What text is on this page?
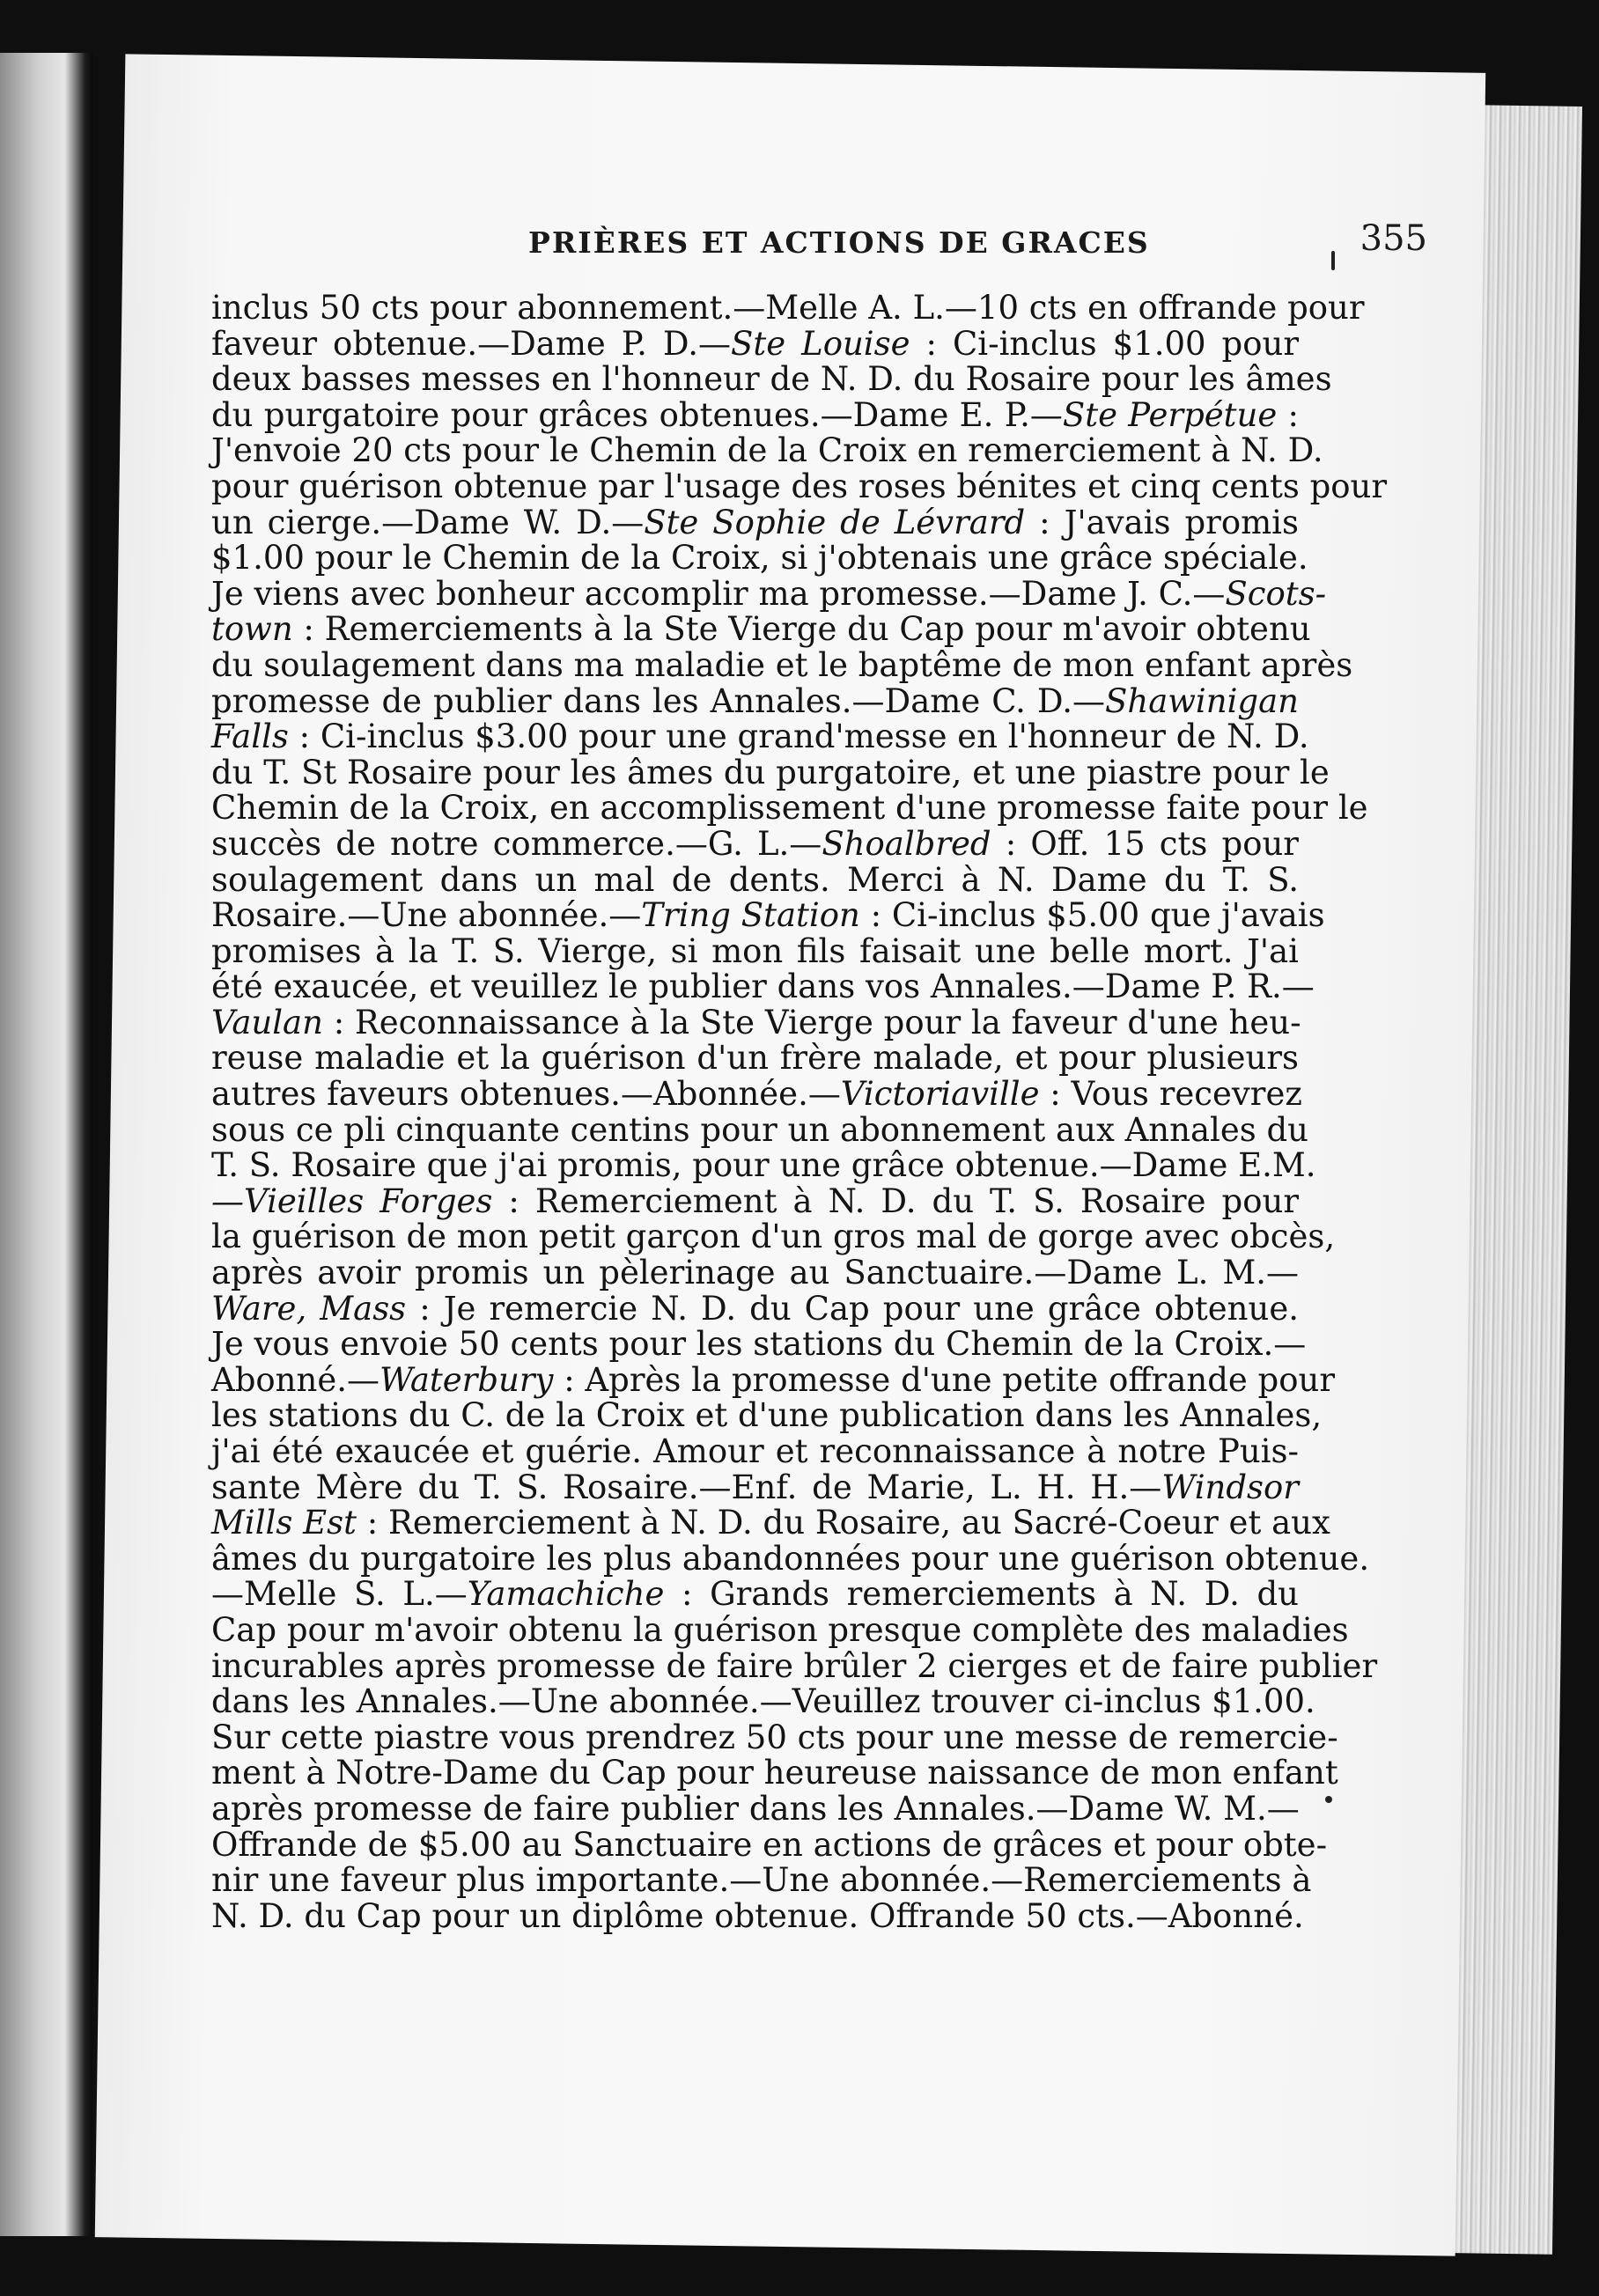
PRIÈRES ET ACTIONS DE GRACES	355
inclus 50 cts pour abonnement.—Melle A. L.—10 cts en offrande pour
faveur obtenue.—Dame P. D.—Ste Louise : Ci-inclus $1.00 pour
deux basses messes en l'honneur de N. D. du Rosaire pour les âmes
du purgatoire pour grâces obtenues.—Dame E. P.—Ste Perpétue :
J'envoie 20 cts pour le Chemin de la Croix en remerciement à N. D.
pour guérison obtenue par l'usage des roses bénites et cinq cents pour
un cierge.—Dame W. D.—Ste Sophie de Lévrard : J'avais promis
$1.00 pour le Chemin de la Croix, si j'obtenais une grâce spéciale.
Je viens avec bonheur accomplir ma promesse.—Dame J. C.—Scots-
town : Remerciements à la Ste Vierge du Cap pour m'avoir obtenu
du soulagement dans ma maladie et le baptême de mon enfant après
promesse de publier dans les Annales.—Dame C. D.—Shawinigan
Falls : Ci-inclus $3.00 pour une grand'messe en l'honneur de N. D.
du T. St Rosaire pour les âmes du purgatoire, et une piastre pour le
Chemin de la Croix, en accomplissement d'une promesse faite pour le
succès de notre commerce.—G. L.—Shoalbred : Off. 15 cts pour
soulagement dans un mal de dents. Merci à N. Dame du T. S.
Rosaire.—Une abonnée.—Tring Station : Ci-inclus $5.00 que j'avais
promises à la T. S. Vierge, si mon fils faisait une belle mort. J'ai
été exaucée, et veuillez le publier dans vos Annales.—Dame P. R.—
Vaulan : Reconnaissance à la Ste Vierge pour la faveur d'une heu-
reuse maladie et la guérison d'un frère malade, et pour plusieurs
autres faveurs obtenues.—Abonnée.—Victoriaville : Vous recevrez
sous ce pli cinquante centins pour un abonnement aux Annales du
T. S. Rosaire que j'ai promis, pour une grâce obtenue.—Dame E.M.
—Vieilles Forges : Remerciement à N. D. du T. S. Rosaire pour
la guérison de mon petit garçon d'un gros mal de gorge avec obcès,
après avoir promis un pèlerinage au Sanctuaire.—Dame L. M.—
Ware, Mass : Je remercie N. D. du Cap pour une grâce obtenue.
Je vous envoie 50 cents pour les stations du Chemin de la Croix.—
Abonné.—Waterbury : Après la promesse d'une petite offrande pour
les stations du C. de la Croix et d'une publication dans les Annales,
j'ai été exaucée et guérie. Amour et reconnaissance à notre Puis-
sante Mère du T. S. Rosaire.—Enf. de Marie, L. H. H.—Windsor
Mills Est : Remerciement à N. D. du Rosaire, au Sacré-Coeur et aux
âmes du purgatoire les plus abandonnées pour une guérison obtenue.
—Melle S. L.—Yamachiche : Grands remerciements à N. D. du
Cap pour m'avoir obtenu la guérison presque complète des maladies
incurables après promesse de faire brûler 2 cierges et de faire publier
dans les Annales.—Une abonnée.—Veuillez trouver ci-inclus $1.00.
Sur cette piastre vous prendrez 50 cts pour une messe de remercie-
ment à Notre-Dame du Cap pour heureuse naissance de mon enfant
après promesse de faire publier dans les Annales.—Dame W. M.—
Offrande de $5.00 au Sanctuaire en actions de grâces et pour obte-
nir une faveur plus importante.—Une abonnée.—Remerciements à
N. D. du Cap pour un diplôme obtenue. Offrande 50 cts.—Abonné.
